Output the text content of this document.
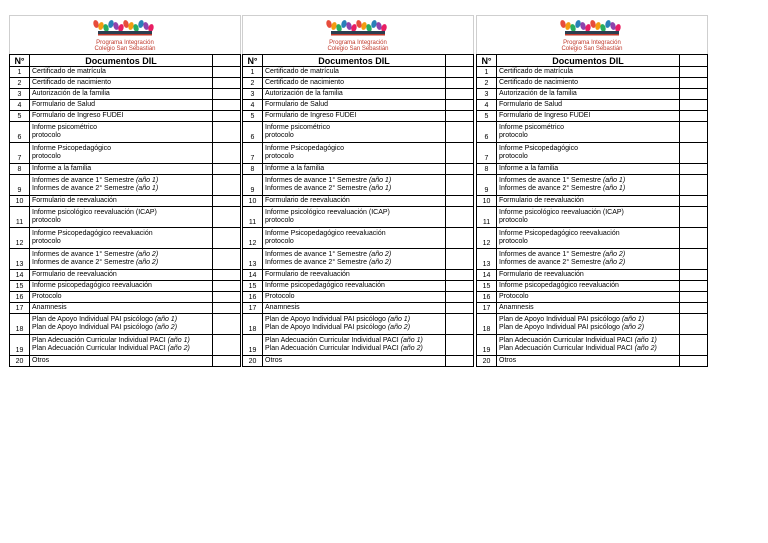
Programa Integración
Colegio San Sebastián
N°	Documentos DIL	
1	Certificado de matrícula	

2	Certificado de nacimiento	

3	Autorización de la familia	

4	Formulario de Salud	

5	Formulario de Ingreso FUDEI	

6	Informe psicométrico
protocolo	

7	Informe Psicopedagógico
protocolo	

8	Informe a la familia	

9	Informes de avance 1° Semestre (año 1)
Informes de avance 2° Semestre (año 1)	

10	Formulario de reevaluación	

11	Informe psicológico reevaluación (ICAP)
protocolo	

12	Informe Psicopedagógico reevaluación
protocolo	

13	Informes de avance 1° Semestre (año 2)
Informes de avance 2° Semestre (año 2)	

14	Formulario de reevaluación	

15	Informe psicopedagógico reevaluación	

16	Protocolo	

17	Anamnesis	

18	Plan de Apoyo Individual PAI psicólogo (año 1)
Plan de Apoyo Individual PAI psicólogo (año 2)	

19	Plan Adecuación Curricular Individual PACI (año 1)
Plan Adecuación Curricular Individual PACI (año 2)	

20	Otros	

Programa Integración
Colegio San Sebastián
N°	Documentos DIL	
1	Certificado de matrícula	

2	Certificado de nacimiento	

3	Autorización de la familia	

4	Formulario de Salud	

5	Formulario de Ingreso FUDEI	

6	Informe psicométrico
protocolo	

7	Informe Psicopedagógico
protocolo	

8	Informe a la familia	

9	Informes de avance 1° Semestre (año 1)
Informes de avance 2° Semestre (año 1)	

10	Formulario de reevaluación	

11	Informe psicológico reevaluación (ICAP)
protocolo	

12	Informe Psicopedagógico reevaluación
protocolo	

13	Informes de avance 1° Semestre (año 2)
Informes de avance 2° Semestre (año 2)	

14	Formulario de reevaluación	

15	Informe psicopedagógico reevaluación	

16	Protocolo	

17	Anamnesis	

18	Plan de Apoyo Individual PAI psicólogo (año 1)
Plan de Apoyo Individual PAI psicólogo (año 2)	

19	Plan Adecuación Curricular Individual PACI (año 1)
Plan Adecuación Curricular Individual PACI (año 2)	

20	Otros	

Programa Integración
Colegio San Sebastián
N°	Documentos DIL	
1	Certificado de matrícula	

2	Certificado de nacimiento	

3	Autorización de la familia	

4	Formulario de Salud	

5	Formulario de Ingreso FUDEI	

6	Informe psicométrico
protocolo	

7	Informe Psicopedagógico
protocolo	

8	Informe a la familia	

9	Informes de avance 1° Semestre (año 1)
Informes de avance 2° Semestre (año 1)	

10	Formulario de reevaluación	

11	Informe psicológico reevaluación (ICAP)
protocolo	

12	Informe Psicopedagógico reevaluación
protocolo	

13	Informes de avance 1° Semestre (año 2)
Informes de avance 2° Semestre (año 2)	

14	Formulario de reevaluación	

15	Informe psicopedagógico reevaluación	

16	Protocolo	

17	Anamnesis	

18	Plan de Apoyo Individual PAI psicólogo (año 1)
Plan de Apoyo Individual PAI psicólogo (año 2)	

19	Plan Adecuación Curricular Individual PACI (año 1)
Plan Adecuación Curricular Individual PACI (año 2)	

20	Otros	
